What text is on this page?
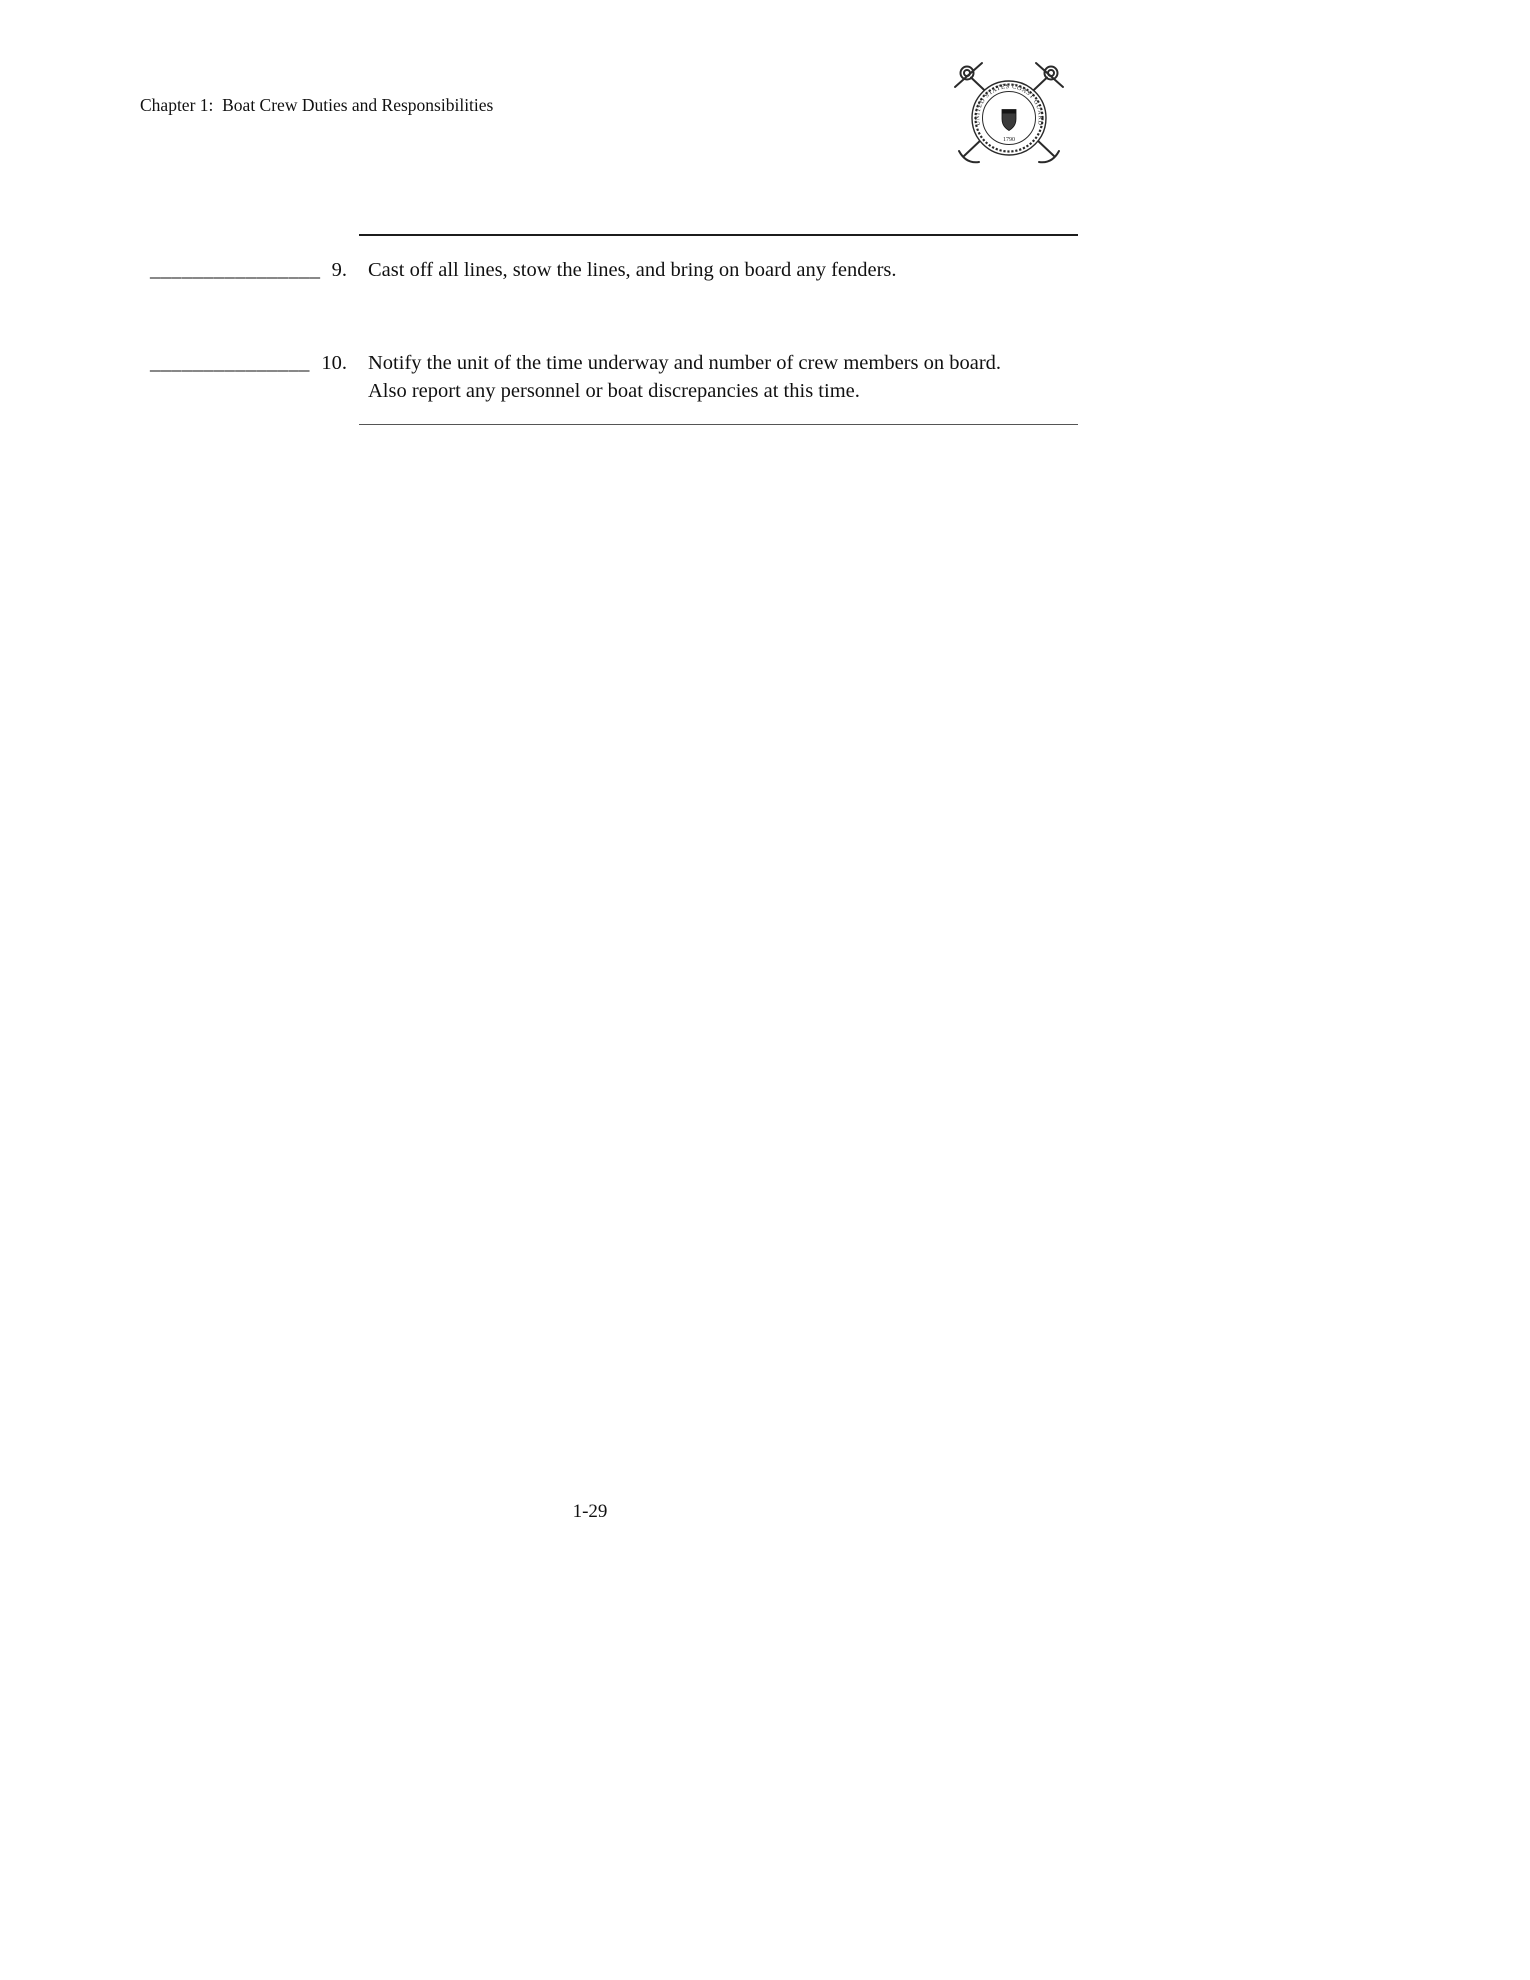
Chapter 1:  Boat Crew Duties and Responsibilities
UNITED STATES COAST GUARD
1790
________________ 9. Cast off all lines, stow the lines, and bring on board any fenders.
_______________ 10. Notify the unit of the time underway and number of crew members on board.  Also report any personnel or boat discrepancies at this time.
1-29
